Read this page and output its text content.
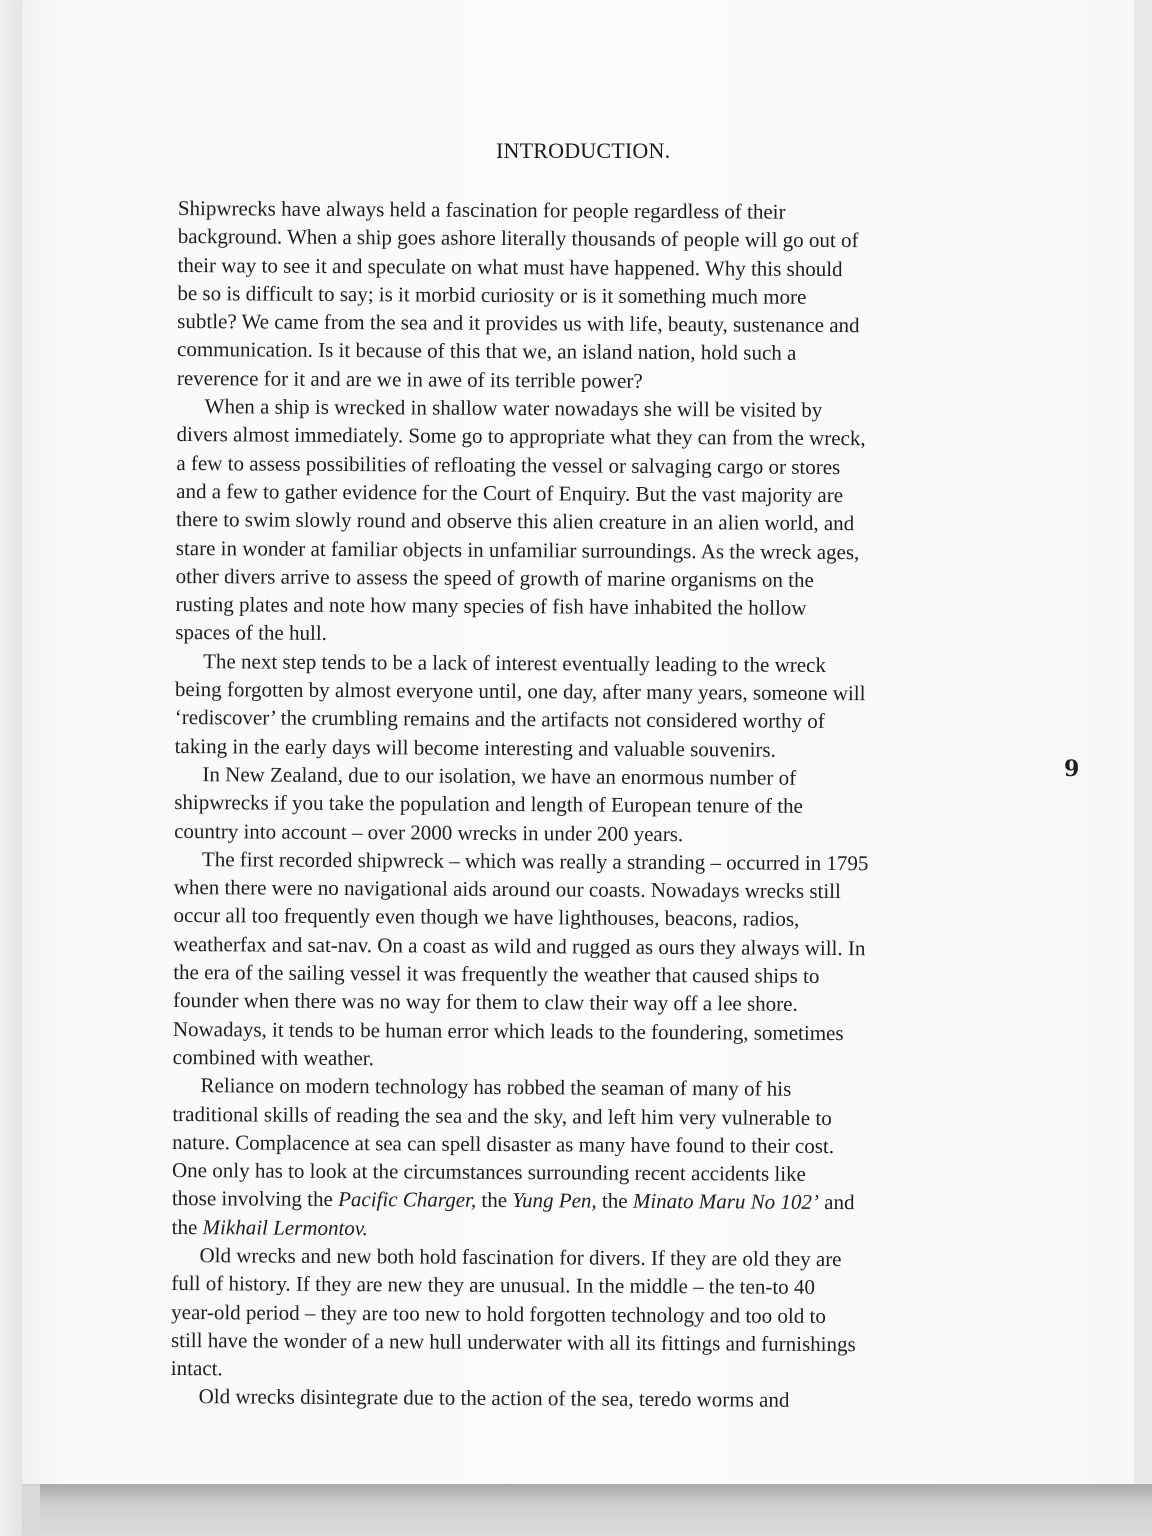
INTRODUCTION.

Shipwrecks have always held a fascination for people regardless of their
background. When a ship goes ashore literally thousands of people will go out of
their way to see it and speculate on what must have happened. Why this should
be so is difficult to say; is it morbid curiosity or is it something much more
subtle? We came from the sea and it provides us with life, beauty, sustenance and
communication. Is it because of this that we, an island nation, hold such a
reverence for it and are we in awe of its terrible power?

When a ship is wrecked in shallow water nowadays she will be visited by
divers almost immediately. Some go to appropriate what they can from the wreck,
a few to assess possibilities of refloating the vessel or salvaging cargo or stores
and a few to gather evidence for the Court of Enquiry. But the vast majority are
there to swim slowly round and observe this alien creature in an alien world, and
stare in wonder at familiar objects in unfamiliar surroundings. As the wreck ages,
other divers arrive to assess the speed of growth of marine organisms on the
rusting plates and note how many species of fish have inhabited the hollow
spaces of the hull.

The next step tends to be a lack of interest eventually leading to the wreck
being forgotten by almost everyone until, one day, after many years, someone will
‘rediscover’ the crumbling remains and the artifacts not considered worthy of
taking in the early days will become interesting and valuable souvenirs.

In New Zealand, due to our isolation, we have an enormous number of
shipwrecks if you take the population and length of European tenure of the
country into account – over 2000 wrecks in under 200 years.

The first recorded shipwreck – which was really a stranding – occurred in 1795
when there were no navigational aids around our coasts. Nowadays wrecks still
occur all too frequently even though we have lighthouses, beacons, radios,
weatherfax and sat-nav. On a coast as wild and rugged as ours they always will. In
the era of the sailing vessel it was frequently the weather that caused ships to
founder when there was no way for them to claw their way off a lee shore.
Nowadays, it tends to be human error which leads to the foundering, sometimes
combined with weather.

Reliance on modern technology has robbed the seaman of many of his
traditional skills of reading the sea and the sky, and left him very vulnerable to
nature. Complacence at sea can spell disaster as many have found to their cost.
One only has to look at the circumstances surrounding recent accidents like
those involving the Pacific Charger, the Yung Pen, the Minato Maru No 102’ and
the Mikhail Lermontov.

Old wrecks and new both hold fascination for divers. If they are old they are
full of history. If they are new they are unusual. In the middle – the ten-to 40
year-old period – they are too new to hold forgotten technology and too old to
still have the wonder of a new hull underwater with all its fittings and furnishings
intact.

Old wrecks disintegrate due to the action of the sea, teredo worms and

9
